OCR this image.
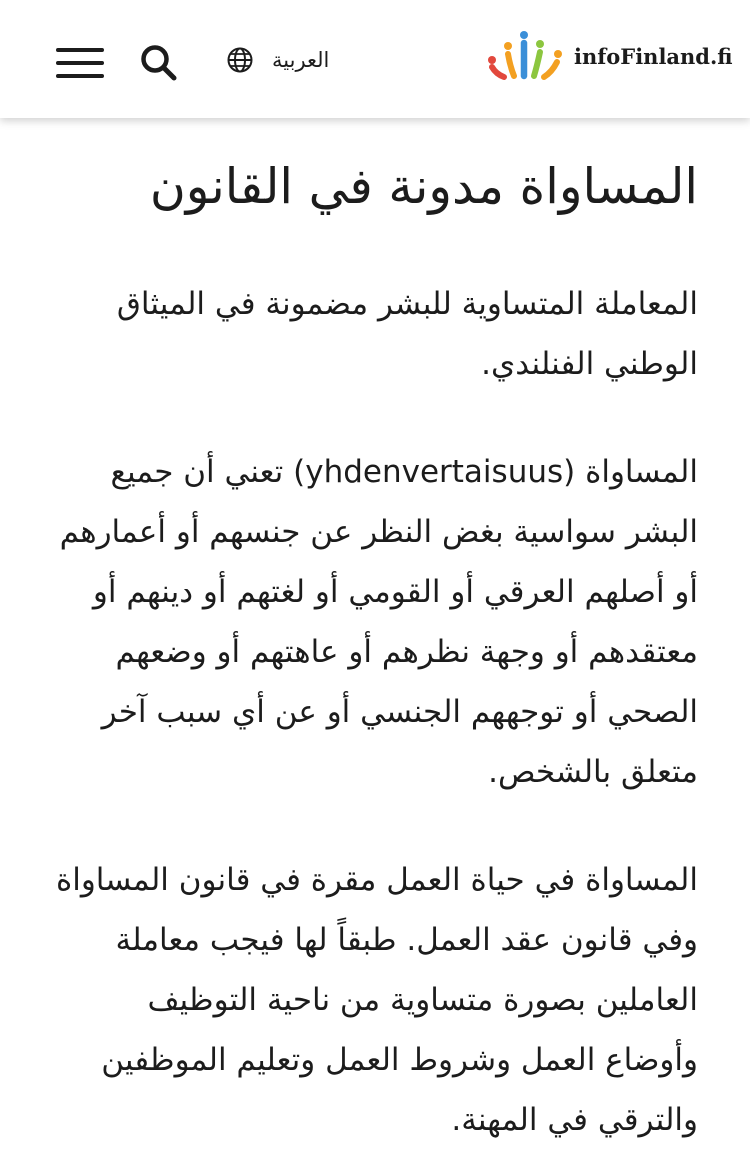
العربية	infoFinland.fi
المساواة مدونة في القانون

المعاملة المتساوية للبشر مضمونة في الميثاق الوطني الفنلندي.

المساواة (yhdenvertaisuus) تعني أن جميع البشر سواسية بغض النظر عن جنسهم أو أعمارهم أو أصلهم العرقي أو القومي أو لغتهم أو دينهم أو معتقدهم أو وجهة نظرهم أو عاهتهم أو وضعهم الصحي أو توجههم الجنسي أو عن أي سبب آخر متعلق بالشخص.

المساواة في حياة العمل مقرة في قانون المساواة وفي قانون عقد العمل. طبقاً لها فيجب معاملة العاملين بصورة متساوية من ناحية التوظيف وأوضاع العمل وشروط العمل وتعليم الموظفين والترقي في المهنة.
